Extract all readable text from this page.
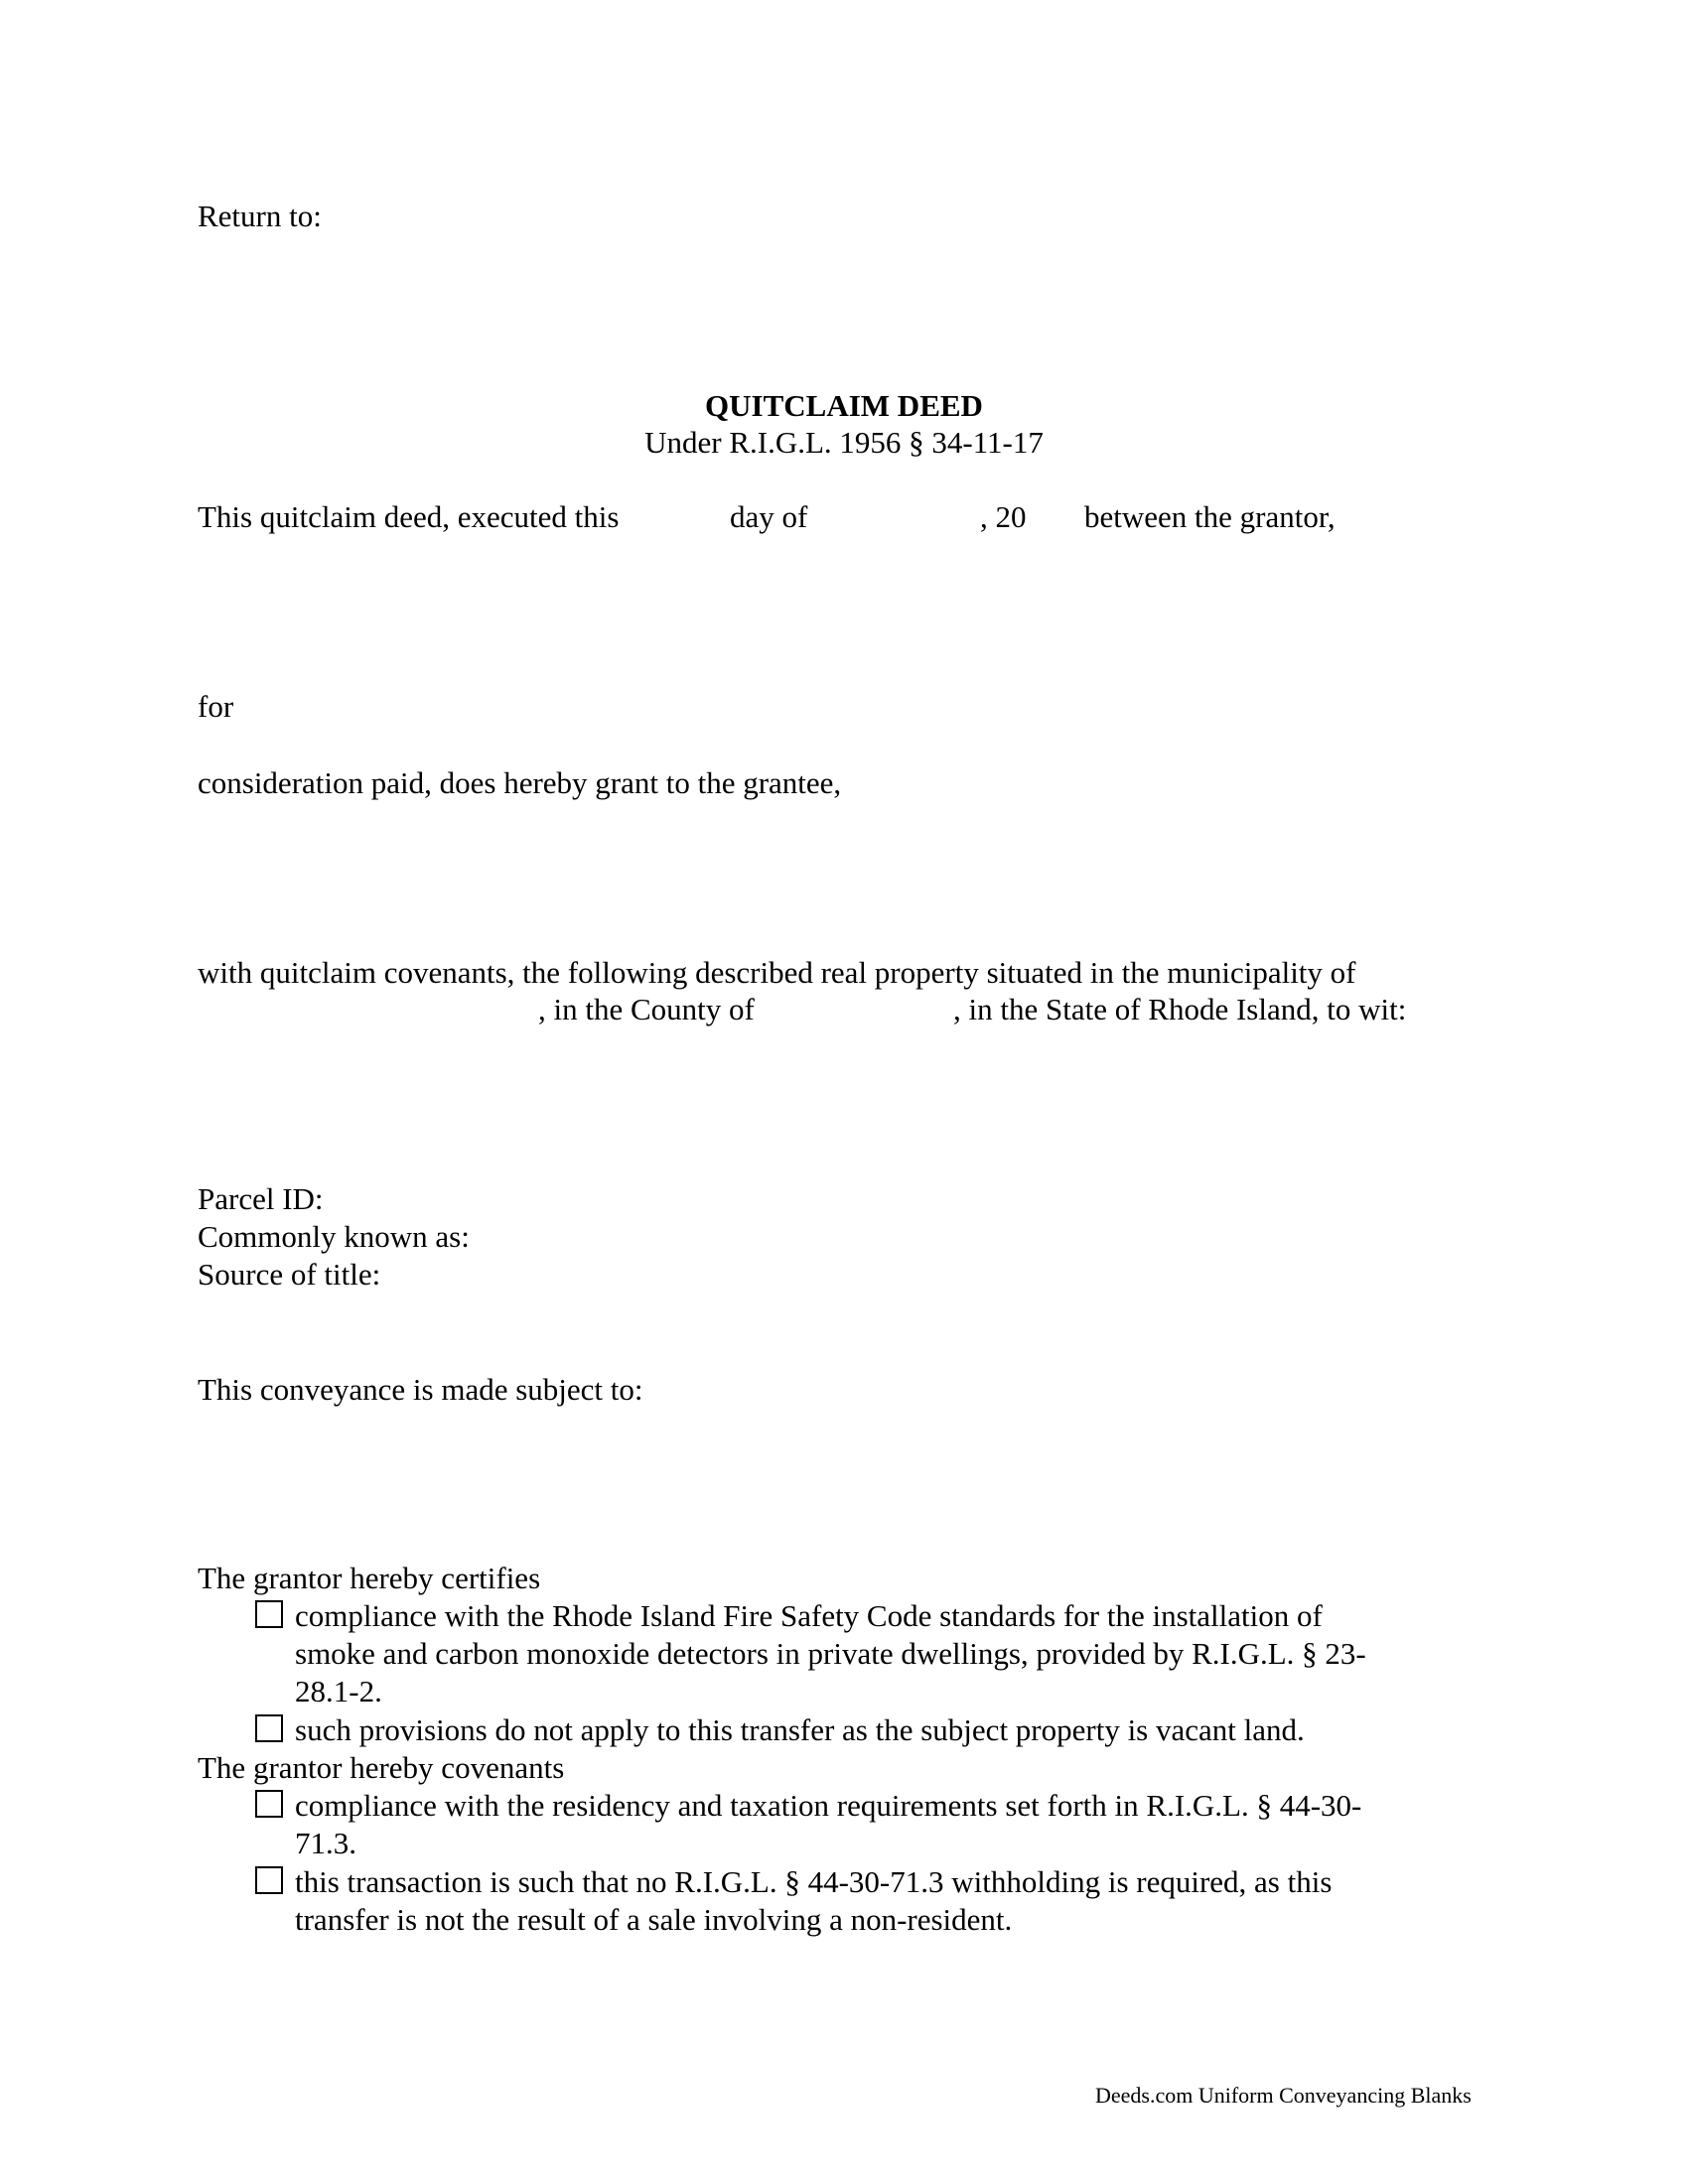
Return to:
QUITCLAIM DEED
Under R.I.G.L. 1956 § 34-11-17
This quitclaim deed, executed this	day of	, 20 between the grantor,
for
consideration paid, does hereby grant to the grantee,
with quitclaim covenants, the following described real property situated in the municipality of
, in the County of	, in the State of Rhode Island, to wit:
Parcel ID:
Commonly known as:
Source of title:
This conveyance is made subject to:
The grantor hereby certifies
compliance with the Rhode Island Fire Safety Code standards for the installation of
smoke and carbon monoxide detectors in private dwellings, provided by R.I.G.L. § 23-
28.1-2.
such provisions do not apply to this transfer as the subject property is vacant land.
The grantor hereby covenants
compliance with the residency and taxation requirements set forth in R.I.G.L. § 44-30-
71.3.
this transaction is such that no R.I.G.L. § 44-30-71.3 withholding is required, as this
transfer is not the result of a sale involving a non-resident.
Deeds.com Uniform Conveyancing Blanks
